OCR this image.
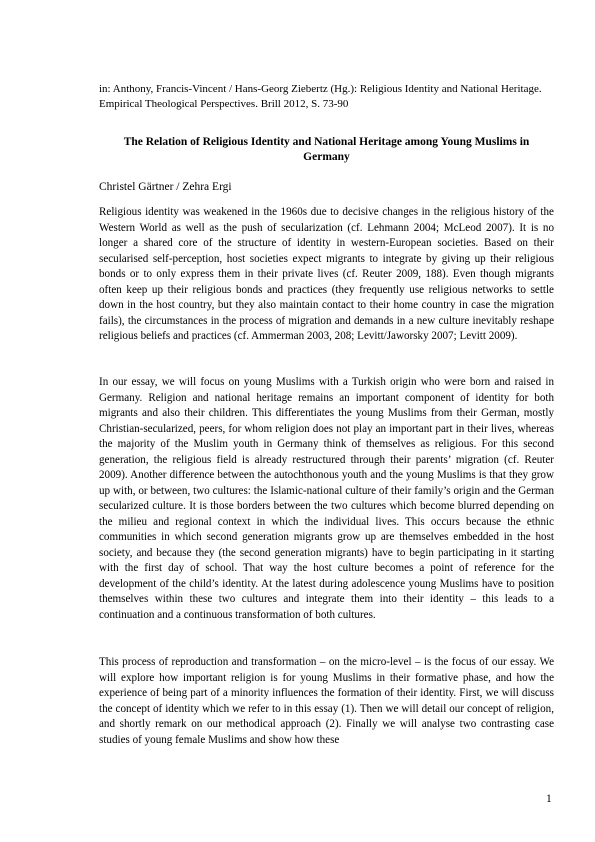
in: Anthony, Francis-Vincent / Hans-Georg Ziebertz (Hg.): Religious Identity and National Heritage. Empirical Theological Perspectives. Brill 2012, S. 73-90
The Relation of Religious Identity and National Heritage among Young Muslims in Germany
Christel Gärtner / Zehra Ergi

Religious identity was weakened in the 1960s due to decisive changes in the religious history of the Western World as well as the push of secularization (cf. Lehmann 2004; McLeod 2007). It is no longer a shared core of the structure of identity in western-European societies. Based on their secularised self-perception, host societies expect migrants to integrate by giving up their religious bonds or to only express them in their private lives (cf. Reuter 2009, 188). Even though migrants often keep up their religious bonds and practices (they frequently use religious networks to settle down in the host country, but they also maintain contact to their home country in case the migration fails), the circumstances in the process of migration and demands in a new culture inevitably reshape religious beliefs and practices (cf. Ammerman 2003, 208; Levitt/Jaworsky 2007; Levitt 2009).

In our essay, we will focus on young Muslims with a Turkish origin who were born and raised in Germany. Religion and national heritage remains an important component of identity for both migrants and also their children. This differentiates the young Muslims from their German, mostly Christian-secularized, peers, for whom religion does not play an important part in their lives, whereas the majority of the Muslim youth in Germany think of themselves as religious. For this second generation, the religious field is already restructured through their parents’ migration (cf. Reuter 2009). Another difference between the autochthonous youth and the young Muslims is that they grow up with, or between, two cultures: the Islamic-national culture of their family’s origin and the German secularized culture. It is those borders between the two cultures which become blurred depending on the milieu and regional context in which the individual lives. This occurs because the ethnic communities in which second generation migrants grow up are themselves embedded in the host society, and because they (the second generation migrants) have to begin participating in it starting with the first day of school. That way the host culture becomes a point of reference for the development of the child’s identity. At the latest during adolescence young Muslims have to position themselves within these two cultures and integrate them into their identity – this leads to a continuation and a continuous transformation of both cultures.

This process of reproduction and transformation – on the micro-level – is the focus of our essay. We will explore how important religion is for young Muslims in their formative phase, and how the experience of being part of a minority influences the formation of their identity. First, we will discuss the concept of identity which we refer to in this essay (1). Then we will detail our concept of religion, and shortly remark on our methodical approach (2). Finally we will analyse two contrasting case studies of young female Muslims and show how these

1
